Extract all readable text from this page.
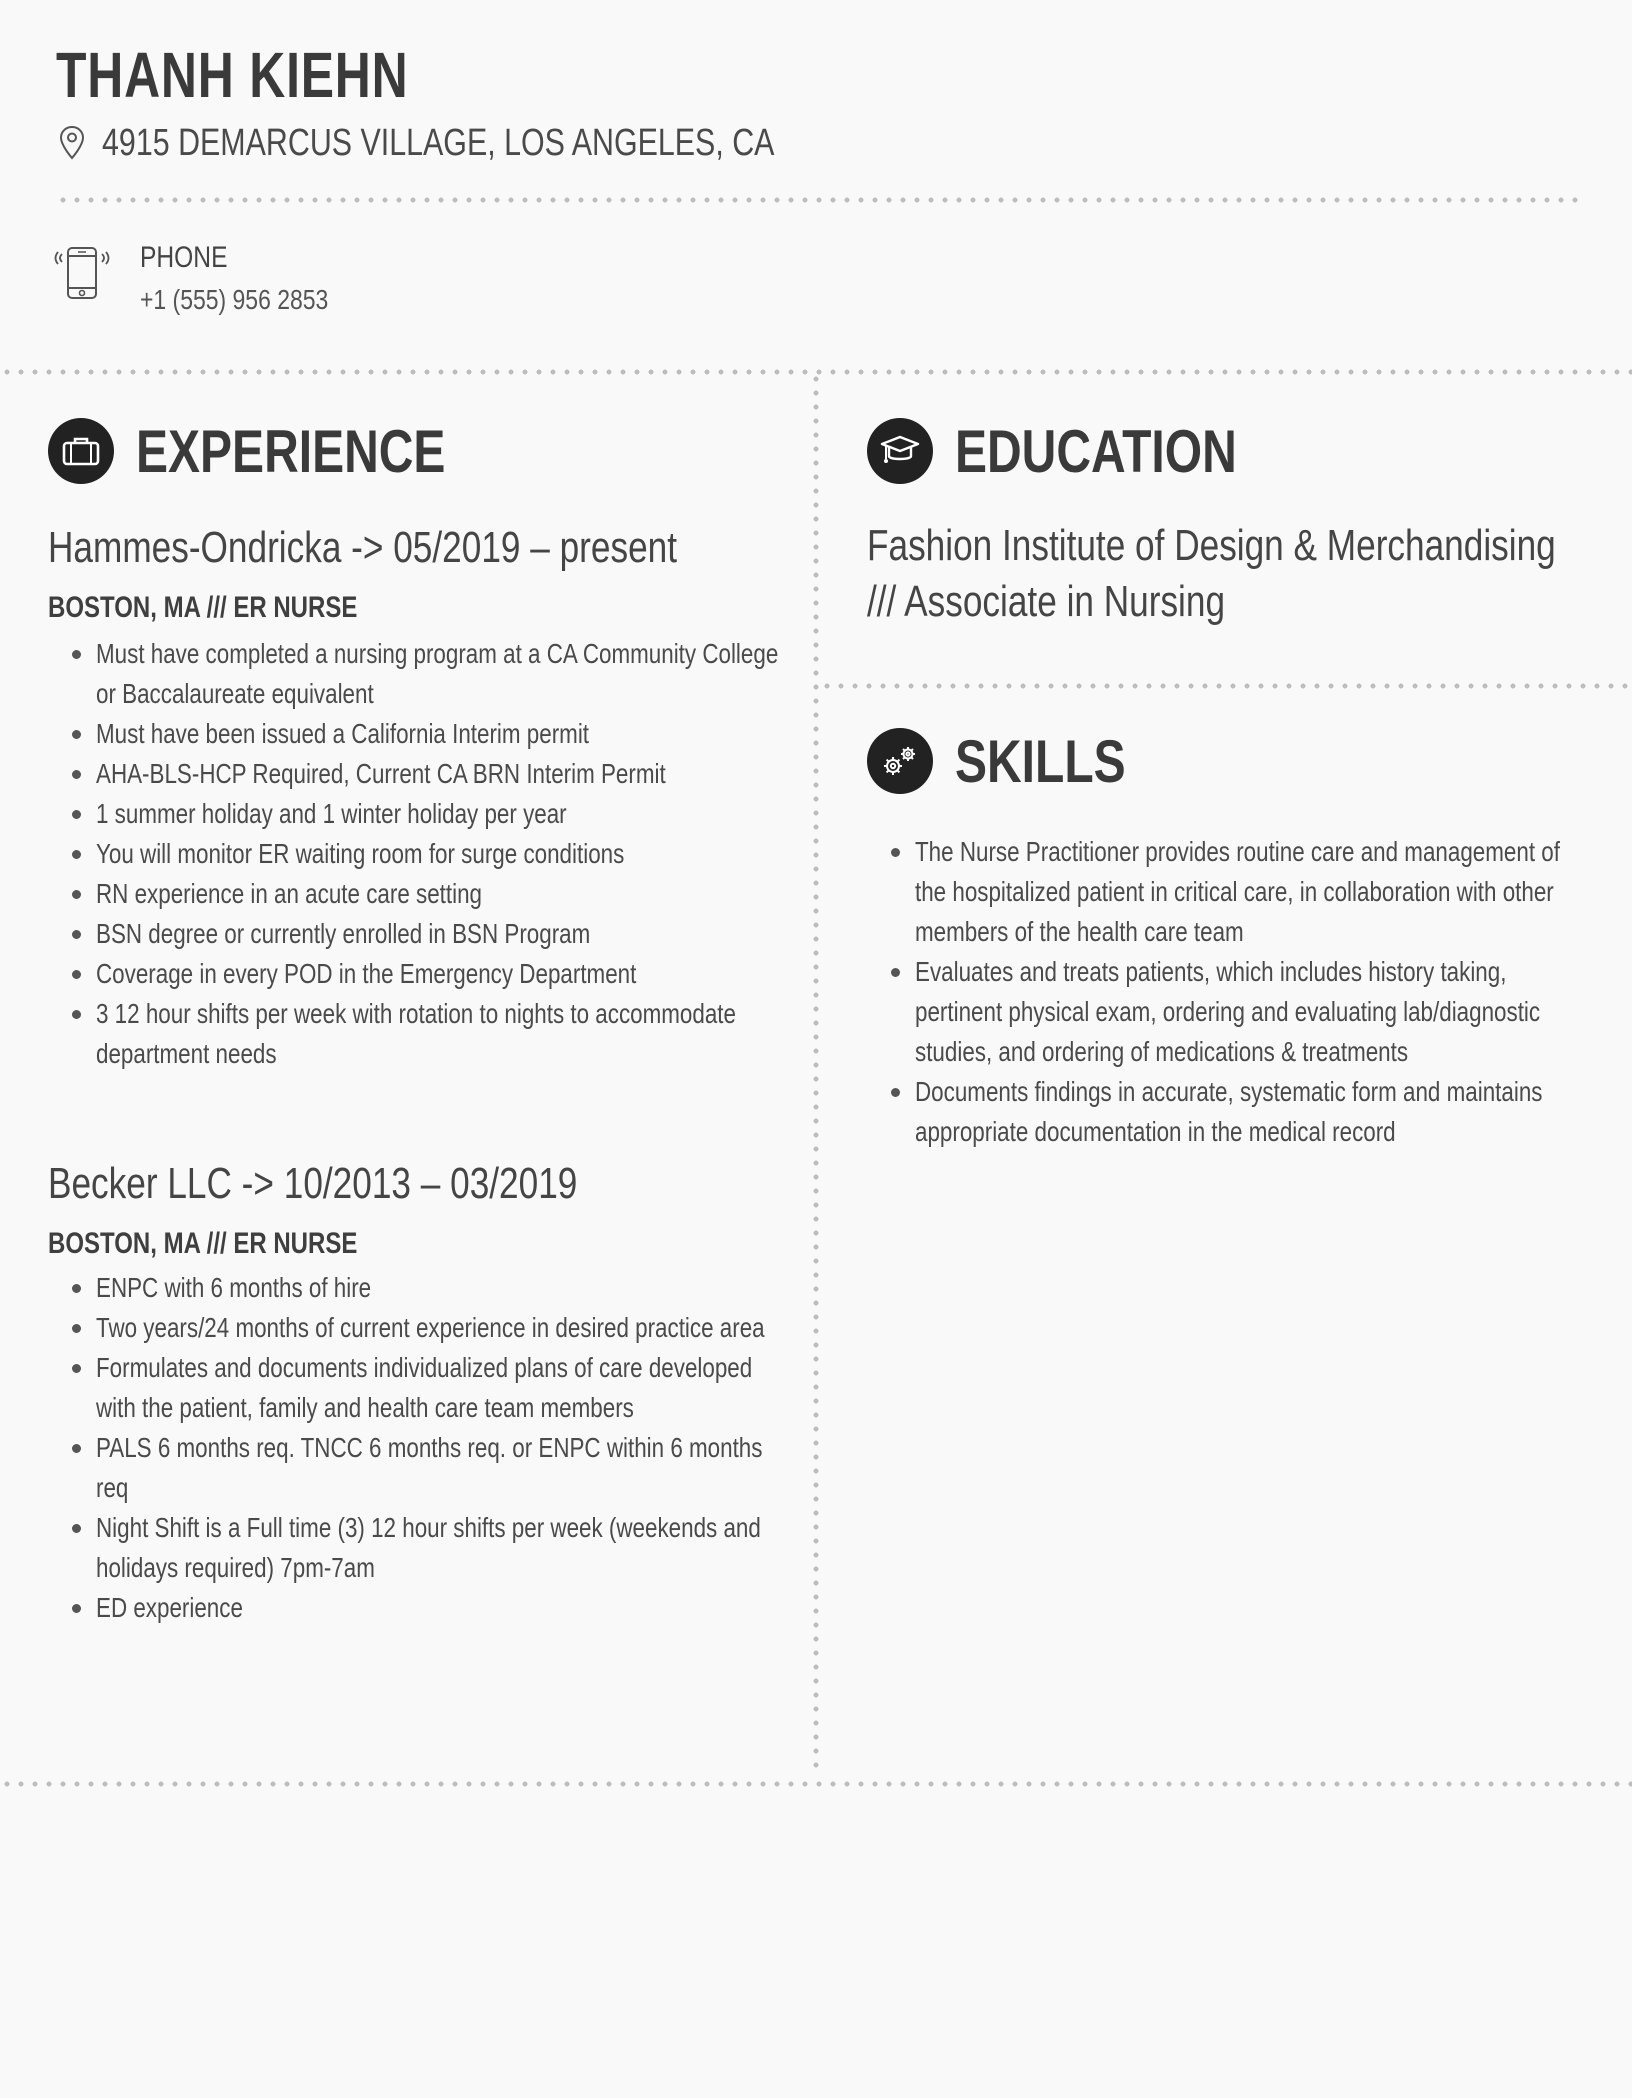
THANH KIEHN
4915 DEMARCUS VILLAGE, LOS ANGELES, CA
PHONE
+1 (555) 956 2853
EXPERIENCE
Hammes-Ondricka -> 05/2019 – present
BOSTON, MA /// ER NURSE
Must have completed a nursing program at a CA Community College or Baccalaureate equivalent
Must have been issued a California Interim permit
AHA-BLS-HCP Required, Current CA BRN Interim Permit
1 summer holiday and 1 winter holiday per year
You will monitor ER waiting room for surge conditions
RN experience in an acute care setting
BSN degree or currently enrolled in BSN Program
Coverage in every POD in the Emergency Department
3 12 hour shifts per week with rotation to nights to accommodate department needs
Becker LLC -> 10/2013 – 03/2019
BOSTON, MA /// ER NURSE
ENPC with 6 months of hire
Two years/24 months of current experience in desired practice area
Formulates and documents individualized plans of care developed with the patient, family and health care team members
PALS 6 months req. TNCC 6 months req. or ENPC within 6 months req
Night Shift is a Full time (3) 12 hour shifts per week (weekends and holidays required) 7pm-7am
ED experience
EDUCATION
Fashion Institute of Design & Merchandising
/// Associate in Nursing
SKILLS
The Nurse Practitioner provides routine care and management of the hospitalized patient in critical care, in collaboration with other members of the health care team
Evaluates and treats patients, which includes history taking, pertinent physical exam, ordering and evaluating lab/diagnostic studies, and ordering of medications & treatments
Documents findings in accurate, systematic form and maintains appropriate documentation in the medical record
